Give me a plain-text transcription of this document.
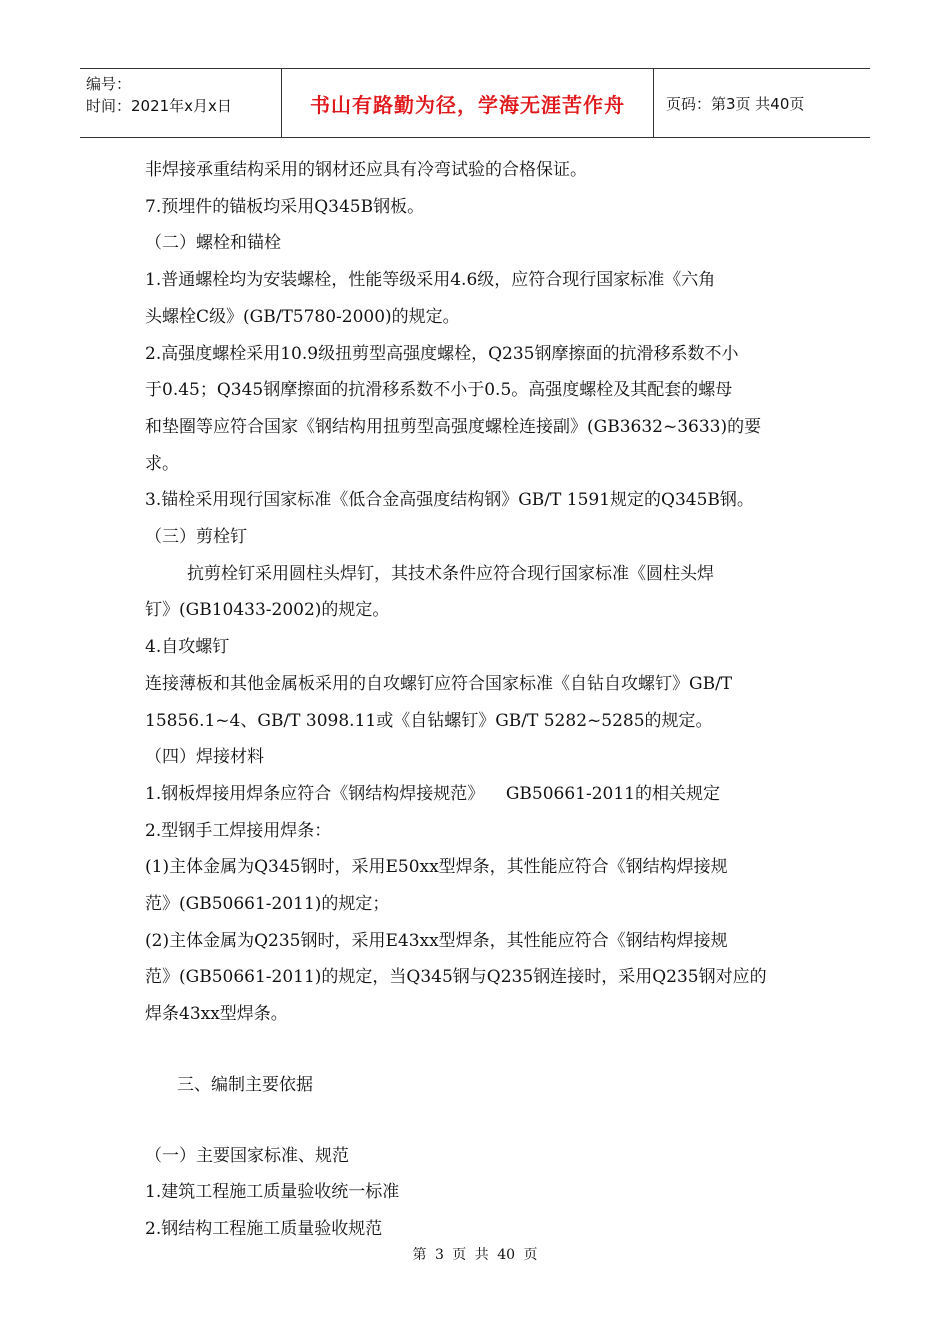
编号：
时间：2021年x月x日	书山有路勤为径，学海无涯苦作舟	页码：第3页 共40页

非焊接承重结构采用的钢材还应具有冷弯试验的合格保证。

7.预埋件的锚板均采用Q345B钢板。

（二）螺栓和锚栓

1.普通螺栓均为安装螺栓，性能等级采用4.6级，应符合现行国家标准《六角

头螺栓C级》(GB/T5780-2000)的规定。

2.高强度螺栓采用10.9级扭剪型高强度螺栓，Q235钢摩擦面的抗滑移系数不小

于0.45；Q345钢摩擦面的抗滑移系数不小于0.5。高强度螺栓及其配套的螺母

和垫圈等应符合国家《钢结构用扭剪型高强度螺栓连接副》(GB3632~3633)的要

求。

3.锚栓采用现行国家标准《低合金高强度结构钢》GB/T 1591规定的Q345B钢。

（三）剪栓钉

抗剪栓钉采用圆柱头焊钉，其技术条件应符合现行国家标准《圆柱头焊

钉》(GB10433-2002)的规定。

4.自攻螺钉

连接薄板和其他金属板采用的自攻螺钉应符合国家标准《自钻自攻螺钉》GB/T

15856.1~4、GB/T 3098.11或《自钻螺钉》GB/T 5282~5285的规定。

（四）焊接材料

1.钢板焊接用焊条应符合《钢结构焊接规范》    GB50661-2011的相关规定

2.型钢手工焊接用焊条：

(1)主体金属为Q345钢时，采用E50xx型焊条，其性能应符合《钢结构焊接规

范》(GB50661-2011)的规定；

(2)主体金属为Q235钢时，采用E43xx型焊条，其性能应符合《钢结构焊接规

范》(GB50661-2011)的规定，当Q345钢与Q235钢连接时，采用Q235钢对应的

焊条43xx型焊条。

三、编制主要依据

（一）主要国家标准、规范

1.建筑工程施工质量验收统一标准

2.钢结构工程施工质量验收规范

第 3 页 共 40 页
